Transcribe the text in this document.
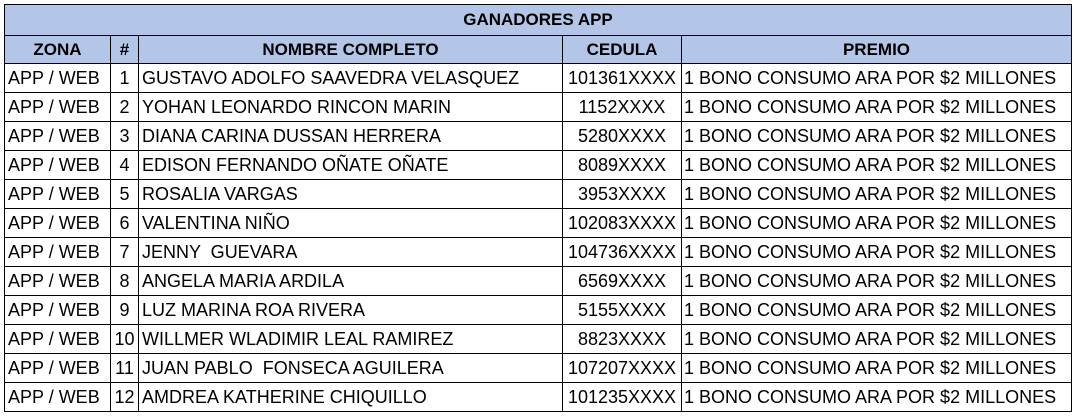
GANADORES APP				
ZONA	#	NOMBRE COMPLETO	CEDULA	PREMIO
APP / WEB	1	GUSTAVO ADOLFO SAAVEDRA VELASQUEZ	101361XXXX	1 BONO CONSUMO ARA POR $2 MILLONES
APP / WEB	2	YOHAN LEONARDO RINCON MARIN	1152XXXX	1 BONO CONSUMO ARA POR $2 MILLONES
APP / WEB	3	DIANA CARINA DUSSAN HERRERA	5280XXXX	1 BONO CONSUMO ARA POR $2 MILLONES
APP / WEB	4	EDISON FERNANDO OÑATE OÑATE	8089XXXX	1 BONO CONSUMO ARA POR $2 MILLONES
APP / WEB	5	ROSALIA VARGAS	3953XXXX	1 BONO CONSUMO ARA POR $2 MILLONES
APP / WEB	6	VALENTINA NIÑO	102083XXXX	1 BONO CONSUMO ARA POR $2 MILLONES
APP / WEB	7	JENNY  GUEVARA	104736XXXX	1 BONO CONSUMO ARA POR $2 MILLONES
APP / WEB	8	ANGELA MARIA ARDILA	6569XXXX	1 BONO CONSUMO ARA POR $2 MILLONES
APP / WEB	9	LUZ MARINA ROA RIVERA	5155XXXX	1 BONO CONSUMO ARA POR $2 MILLONES
APP / WEB	10	WILLMER WLADIMIR LEAL RAMIREZ	8823XXXX	1 BONO CONSUMO ARA POR $2 MILLONES
APP / WEB	11	JUAN PABLO  FONSECA AGUILERA	107207XXXX	1 BONO CONSUMO ARA POR $2 MILLONES
APP / WEB	12	AMDREA KATHERINE CHIQUILLO	101235XXXX	1 BONO CONSUMO ARA POR $2 MILLONES
